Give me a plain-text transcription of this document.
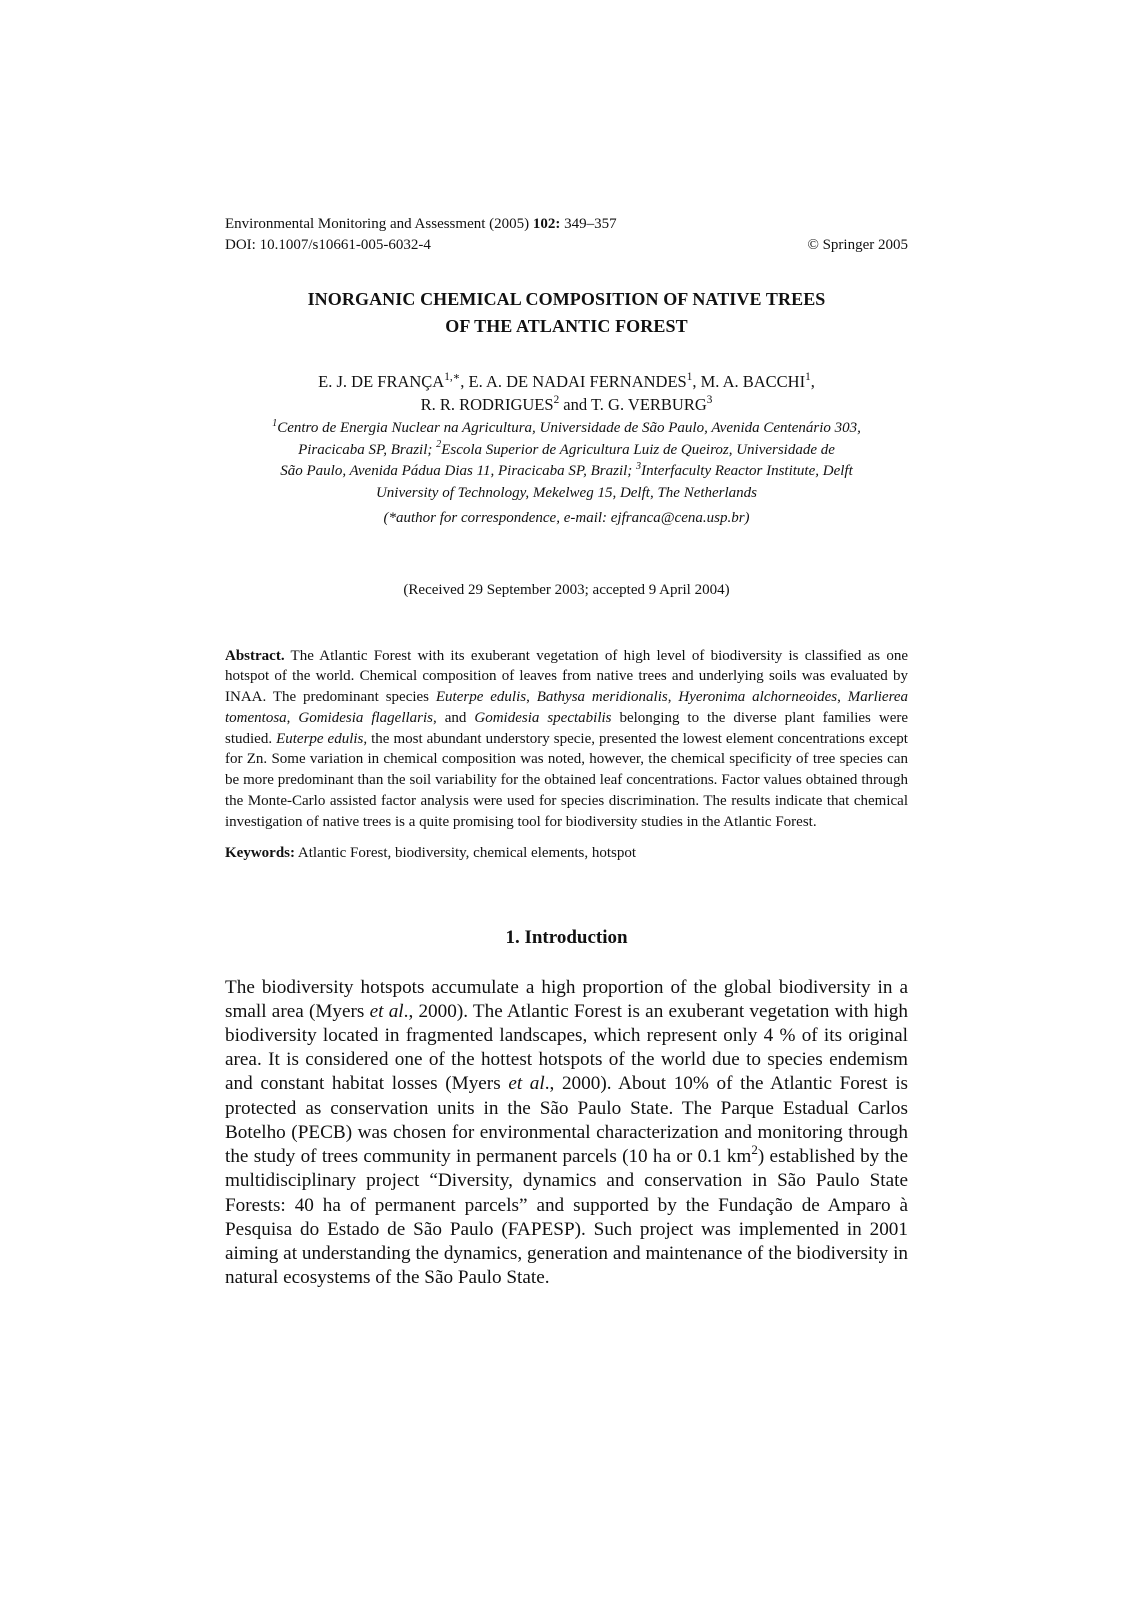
Environmental Monitoring and Assessment (2005) 102: 349–357
DOI: 10.1007/s10661-005-6032-4	© Springer 2005
INORGANIC CHEMICAL COMPOSITION OF NATIVE TREES
OF THE ATLANTIC FOREST
E. J. DE $FRANÇA^{1,∗}$, E. A. DE NADAI FERNANDES$^1$, M. A. BACCHI$^1$,
R. R. RODRIGUES$^2$ and T. G. VERBURG$^3$
$^1$Centro de Energia Nuclear na Agricultura, Universidade de São Paulo, Avenida Centenário 303,
Piracicaba SP, Brazil; $^2$Escola Superior de Agricultura Luiz de Queiroz, Universidade de
São Paulo, Avenida Pádua Dias 11, Piracicaba SP, Brazil; $^3$Interfaculty Reactor Institute, Delft
University of Technology, Mekelweg 15, Delft, The Netherlands
(*author for correspondence, e-mail: ejfranca@cena.usp.br)
(Received 29 September 2003; accepted 9 April 2004)
Abstract. The Atlantic Forest with its exuberant vegetation of high level of biodiversity is classified as one hotspot of the world. Chemical composition of leaves from native trees and underlying soils was evaluated by INAA. The predominant species Euterpe edulis, Bathysa meridionalis, Hyeronima alchorneoides, Marlierea tomentosa, Gomidesia flagellaris, and Gomidesia spectabilis belonging to the diverse plant families were studied. Euterpe edulis, the most abundant understory specie, presented the lowest element concentrations except for Zn. Some variation in chemical composition was noted, however, the chemical specificity of tree species can be more predominant than the soil variability for the obtained leaf concentrations. Factor values obtained through the Monte-Carlo assisted factor analysis were used for species discrimination. The results indicate that chemical investigation of native trees is a quite promising tool for biodiversity studies in the Atlantic Forest.
Keywords: Atlantic Forest, biodiversity, chemical elements, hotspot
1. Introduction
The biodiversity hotspots accumulate a high proportion of the global biodiversity in a small area (Myers et al., 2000). The Atlantic Forest is an exuberant vegetation with high biodiversity located in fragmented landscapes, which represent only 4 % of its original area. It is considered one of the hottest hotspots of the world due to species endemism and constant habitat losses (Myers et al., 2000). About 10% of the Atlantic Forest is protected as conservation units in the São Paulo State. The Parque Estadual Carlos Botelho (PECB) was chosen for environmental characterization and monitoring through the study of trees community in permanent parcels (10 ha or 0.1 $km^2$) established by the multidisciplinary project “Diversity, dynamics and conservation in São Paulo State Forests: 40 ha of permanent parcels” and supported by the Fundação de Amparo à Pesquisa do Estado de São Paulo (FAPESP). Such project was implemented in 2001 aiming at understanding the dynamics, generation and maintenance of the biodiversity in natural ecosystems of the São Paulo State.
